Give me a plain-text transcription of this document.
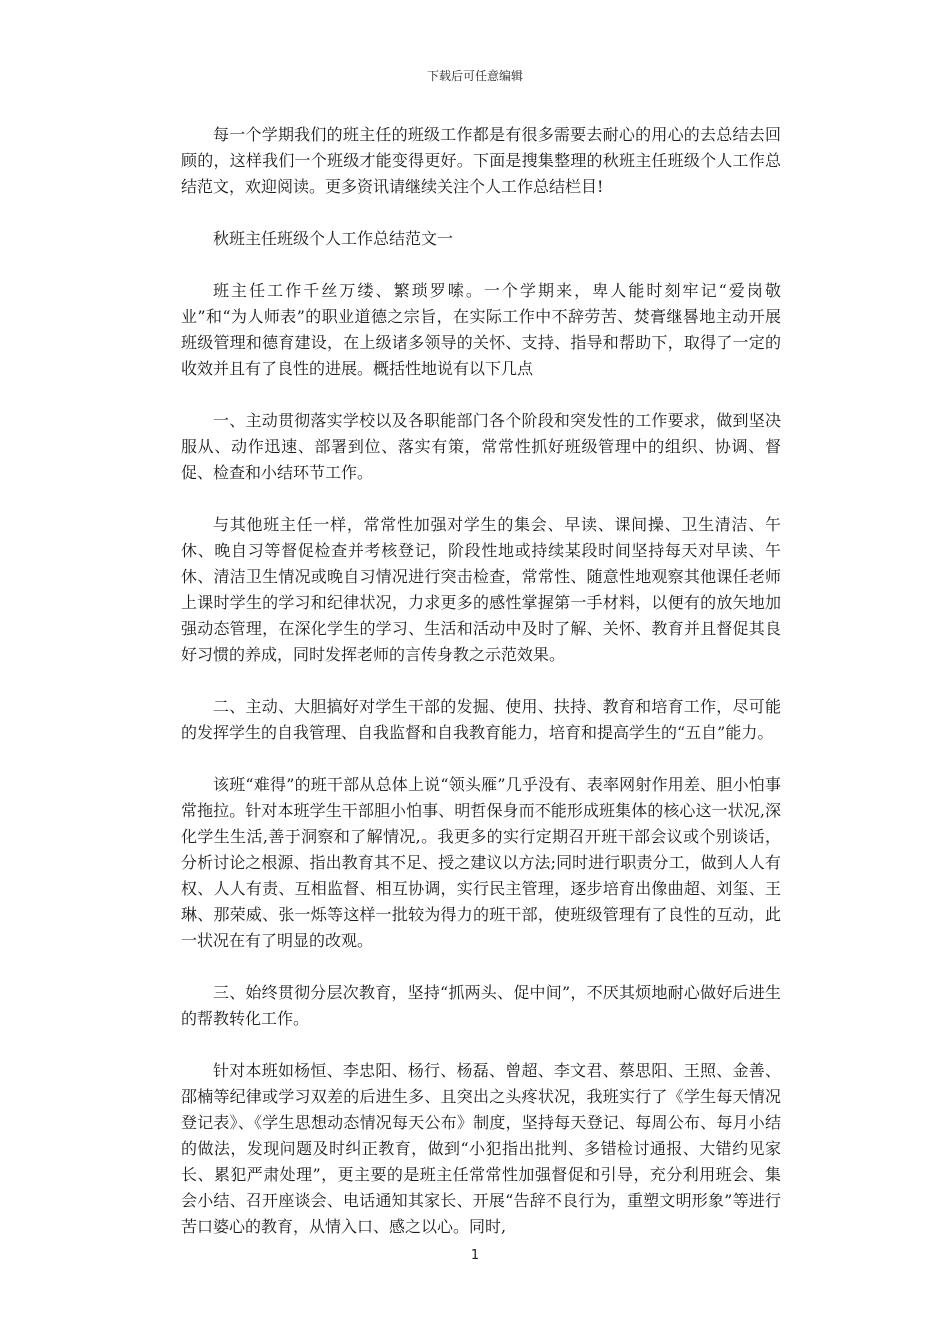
下载后可任意编辑

每一个学期我们的班主任的班级工作都是有很多需要去耐心的用心的去总结去回顾的，这样我们一个班级才能变得更好。下面是搜集整理的秋班主任班级个人工作总结范文，欢迎阅读。更多资讯请继续关注个人工作总结栏目!

秋班主任班级个人工作总结范文一

班主任工作千丝万缕、繁琐罗嗦。一个学期来，卑人能时刻牢记“爱岗敬业”和“为人师表”的职业道德之宗旨，在实际工作中不辞劳苦、焚膏继晷地主动开展班级管理和德育建设，在上级诸多领导的关怀、支持、指导和帮助下，取得了一定的收效并且有了良性的进展。概括性地说有以下几点

一、主动贯彻落实学校以及各职能部门各个阶段和突发性的工作要求，做到坚决服从、动作迅速、部署到位、落实有策，常常性抓好班级管理中的组织、协调、督促、检查和小结环节工作。

与其他班主任一样，常常性加强对学生的集会、早读、课间操、卫生清洁、午休、晚自习等督促检查并考核登记，阶段性地或持续某段时间坚持每天对早读、午休、清洁卫生情况或晚自习情况进行突击检查，常常性、随意性地观察其他课任老师上课时学生的学习和纪律状况，力求更多的感性掌握第一手材料，以便有的放矢地加强动态管理，在深化学生的学习、生活和活动中及时了解、关怀、教育并且督促其良好习惯的养成，同时发挥老师的言传身教之示范效果。

二、主动、大胆搞好对学生干部的发掘、使用、扶持、教育和培育工作，尽可能的发挥学生的自我管理、自我监督和自我教育能力，培育和提高学生的“五自”能力。

该班“难得”的班干部从总体上说“领头雁”几乎没有、表率网射作用差、胆小怕事常拖拉。针对本班学生干部胆小怕事、明哲保身而不能形成班集体的核心这一状况,深化学生生活,善于洞察和了解情况,。我更多的实行定期召开班干部会议或个别谈话，分析讨论之根源、指出教育其不足、授之建议以方法;同时进行职责分工，做到人人有权、人人有责、互相监督、相互协调，实行民主管理，逐步培育出像曲超、刘玺、王琳、那荣威、张一烁等这样一批较为得力的班干部，使班级管理有了良性的互动，此一状况在有了明显的改观。

三、始终贯彻分层次教育，坚持“抓两头、促中间”，不厌其烦地耐心做好后进生的帮教转化工作。

针对本班如杨恒、李忠阳、杨行、杨磊、曾超、李文君、蔡思阳、王照、金善、邵楠等纪律或学习双差的后进生多、且突出之头疼状况，我班实行了《学生每天情况登记表》、《学生思想动态情况每天公布》制度，坚持每天登记、每周公布、每月小结的做法，发现问题及时纠正教育，做到“小犯指出批判、多错检讨通报、大错约见家长、累犯严肃处理”，更主要的是班主任常常性加强督促和引导，充分利用班会、集会小结、召开座谈会、电话通知其家长、开展“告辞不良行为，重塑文明形象”等进行苦口婆心的教育，从情入口、感之以心。同时,

1
